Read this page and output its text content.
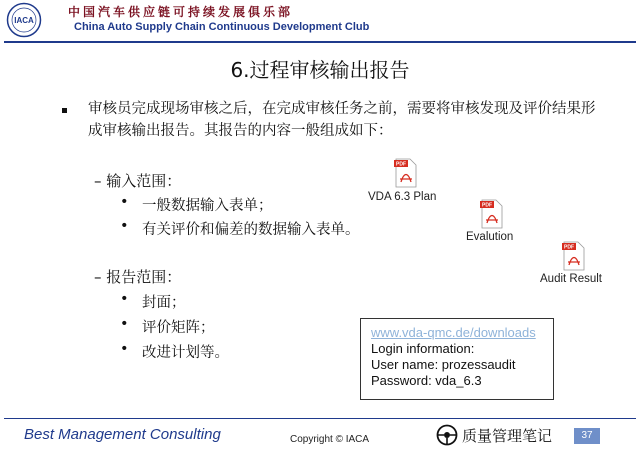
IACA
中国汽车供应链可持续发展俱乐部
China Auto Supply Chain Continuous Development Club
6.过程审核输出报告
审核员完成现场审核之后，在完成审核任务之前，需要将审核发现及评价结果形成审核输出报告。其报告的内容一般组成如下：
– 输入范围：
• 一般数据输入表单；
• 有关评价和偏差的数据输入表单。
– 报告范围：
• 封面；
• 评价矩阵；
• 改进计划等。
PDF
VDA 6.3 Plan
PDF
Evalution
PDF
Audit Result
www.vda-qmc.de/downloads
Login information:
User name: prozessaudit
Password: vda_6.3
Best Management Consulting	Copyright © IACA	质量管理笔记	37
